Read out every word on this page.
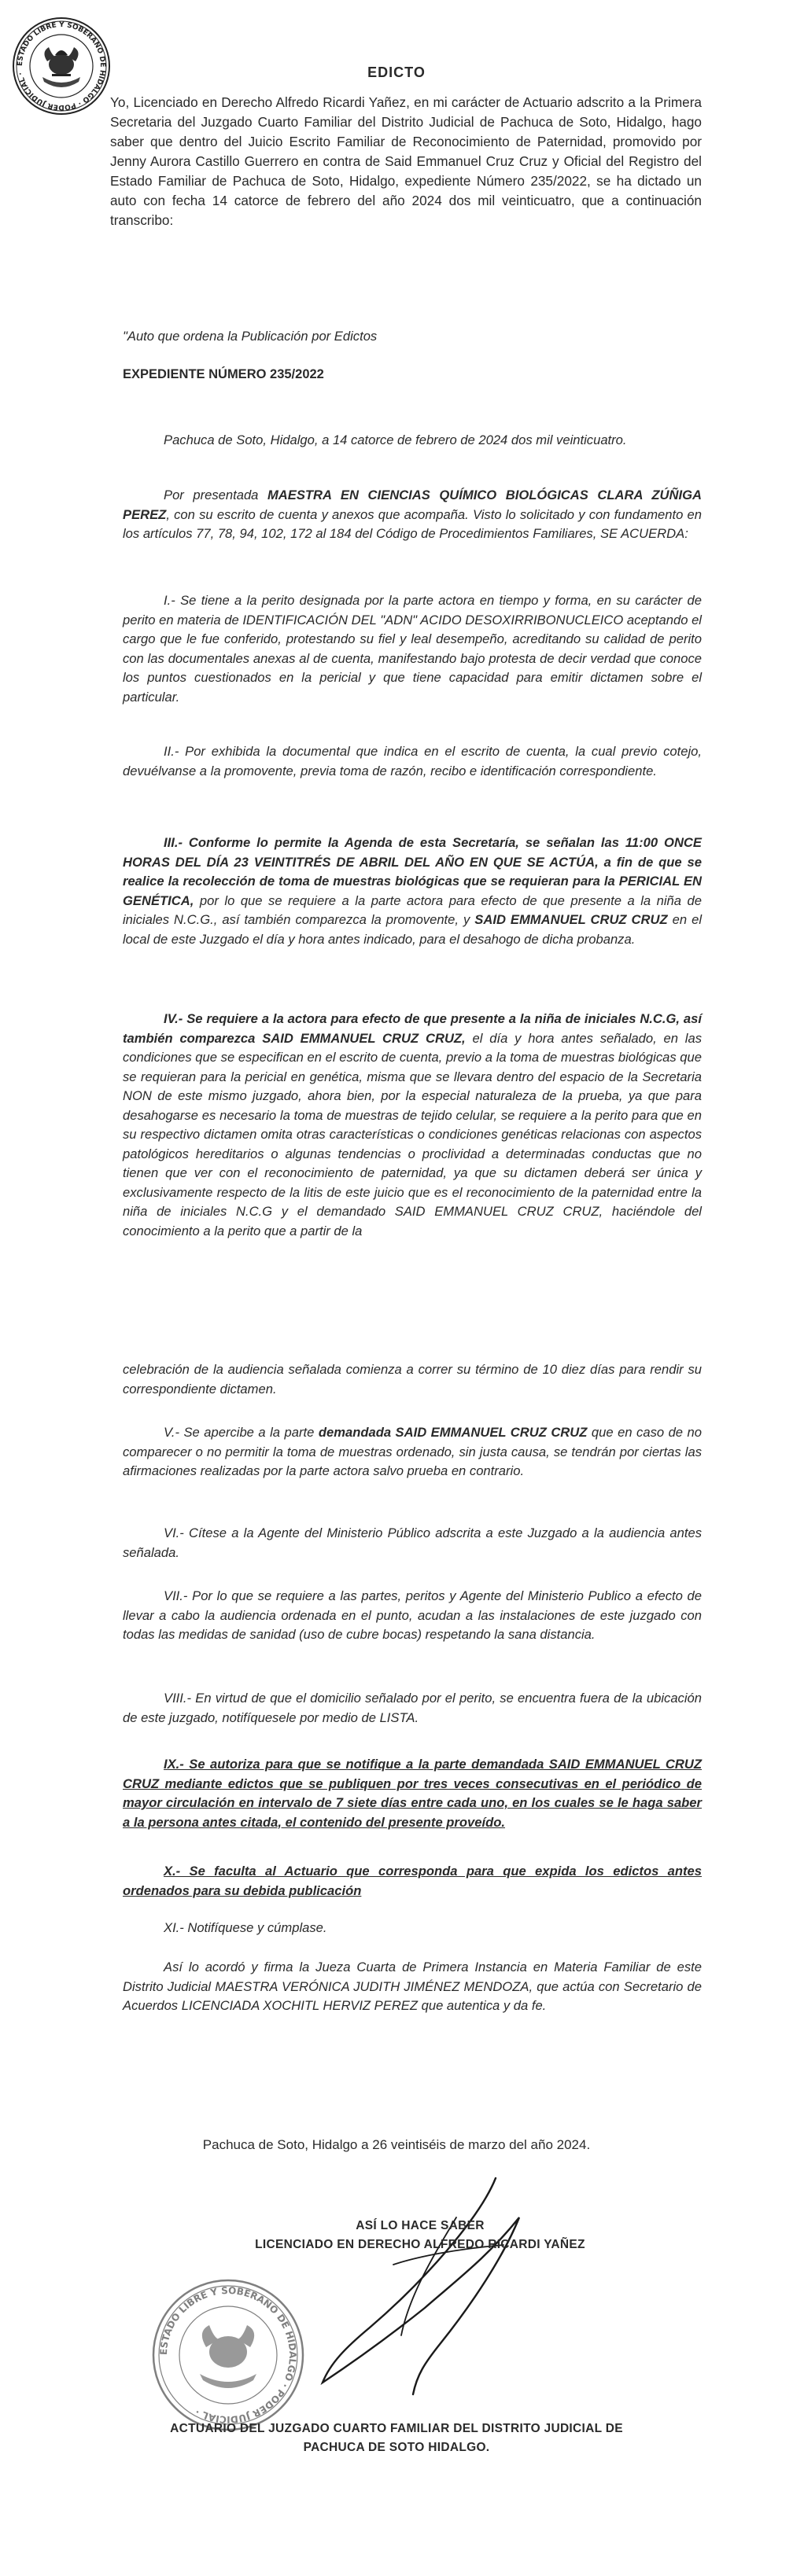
ESTADO LIBRE Y SOBERANO DE HIDALGO · PODER JUDICIAL ·	EDICTO
Yo, Licenciado en Derecho Alfredo Ricardi Yañez, en mi carácter de Actuario adscrito a la Primera Secretaria del Juzgado Cuarto Familiar del Distrito Judicial de Pachuca de Soto, Hidalgo, hago saber que dentro del Juicio Escrito Familiar de Reconocimiento de Paternidad, promovido por Jenny Aurora Castillo Guerrero en contra de Said Emmanuel Cruz Cruz y Oficial del Registro del Estado Familiar de Pachuca de Soto, Hidalgo, expediente Número 235/2022, se ha dictado un auto con fecha 14 catorce de febrero del año 2024 dos mil veinticuatro, que a continuación transcribo:
"Auto que ordena la Publicación por Edictos
EXPEDIENTE NÚMERO 235/2022
Pachuca de Soto, Hidalgo, a 14 catorce de febrero de 2024 dos mil veinticuatro.
Por presentada MAESTRA EN CIENCIAS QUÍMICO BIOLÓGICAS CLARA ZÚÑIGA PEREZ, con su escrito de cuenta y anexos que acompaña. Visto lo solicitado y con fundamento en los artículos 77, 78, 94, 102, 172 al 184 del Código de Procedimientos Familiares, SE ACUERDA:
I.- Se tiene a la perito designada por la parte actora en tiempo y forma, en su carácter de perito en materia de IDENTIFICACIÓN DEL "ADN" ACIDO DESOXIRRIBONUCLEICO aceptando el cargo que le fue conferido, protestando su fiel y leal desempeño, acreditando su calidad de perito con las documentales anexas al de cuenta, manifestando bajo protesta de decir verdad que conoce los puntos cuestionados en la pericial y que tiene capacidad para emitir dictamen sobre el particular.
II.- Por exhibida la documental que indica en el escrito de cuenta, la cual previo cotejo, devuélvanse a la promovente, previa toma de razón, recibo e identificación correspondiente.
III.- Conforme lo permite la Agenda de esta Secretaría, se señalan las 11:00 ONCE HORAS DEL DÍA 23 VEINTITRÉS DE ABRIL DEL AÑO EN QUE SE ACTÚA, a fin de que se realice la recolección de toma de muestras biológicas que se requieran para la PERICIAL EN GENÉTICA, por lo que se requiere a la parte actora para efecto de que presente a la niña de iniciales N.C.G., así también comparezca la promovente, y SAID EMMANUEL CRUZ CRUZ en el local de este Juzgado el día y hora antes indicado, para el desahogo de dicha probanza.
IV.- Se requiere a la actora para efecto de que presente a la niña de iniciales N.C.G, así también comparezca SAID EMMANUEL CRUZ CRUZ, el día y hora antes señalado, en las condiciones que se especifican en el escrito de cuenta, previo a la toma de muestras biológicas que se requieran para la pericial en genética, misma que se llevara dentro del espacio de la Secretaria NON de este mismo juzgado, ahora bien, por la especial naturaleza de la prueba, ya que para desahogarse es necesario la toma de muestras de tejido celular, se requiere a la perito para que en su respectivo dictamen omita otras características o condiciones genéticas relacionas con aspectos patológicos hereditarios o algunas tendencias o proclividad a determinadas conductas que no tienen que ver con el reconocimiento de paternidad, ya que su dictamen deberá ser única y exclusivamente respecto de la litis de este juicio que es el reconocimiento de la paternidad entre la niña de iniciales N.C.G y el demandado SAID EMMANUEL CRUZ CRUZ, haciéndole del conocimiento a la perito que a partir de la
celebración de la audiencia señalada comienza a correr su término de 10 diez días para rendir su correspondiente dictamen.
V.- Se apercibe a la parte demandada SAID EMMANUEL CRUZ CRUZ que en caso de no comparecer o no permitir la toma de muestras ordenado, sin justa causa, se tendrán por ciertas las afirmaciones realizadas por la parte actora salvo prueba en contrario.
VI.- Cítese a la Agente del Ministerio Público adscrita a este Juzgado a la audiencia antes señalada.
VII.- Por lo que se requiere a las partes, peritos y Agente del Ministerio Publico a efecto de llevar a cabo la audiencia ordenada en el punto, acudan a las instalaciones de este juzgado con todas las medidas de sanidad (uso de cubre bocas) respetando la sana distancia.
VIII.- En virtud de que el domicilio señalado por el perito, se encuentra fuera de la ubicación de este juzgado, notifíquesele por medio de LISTA.
IX.- Se autoriza para que se notifique a la parte demandada SAID EMMANUEL CRUZ CRUZ mediante edictos que se publiquen por tres veces consecutivas en el periódico de mayor circulación en intervalo de 7 siete días entre cada uno, en los cuales se le haga saber a la persona antes citada, el contenido del presente proveído.
X.- Se faculta al Actuario que corresponda para que expida los edictos antes ordenados para su debida publicación
XI.- Notifíquese y cúmplase.
Así lo acordó y firma la Jueza Cuarta de Primera Instancia en Materia Familiar de este Distrito Judicial MAESTRA VERÓNICA JUDITH JIMÉNEZ MENDOZA, que actúa con Secretario de Acuerdos LICENCIADA XOCHITL HERVIZ PEREZ que autentica y da fe.
Pachuca de Soto, Hidalgo a 26 veintiséis de marzo del año 2024.
ESTADO LIBRE Y SOBERANO DE HIDALGO · PODER JUDICIAL ·
ASÍ LO HACE SABER
LICENCIADO EN DERECHO ALFREDO RICARDI YAÑEZ
ACTUARIO DEL JUZGADO CUARTO FAMILIAR DEL DISTRITO JUDICIAL DE
PACHUCA DE SOTO HIDALGO.
